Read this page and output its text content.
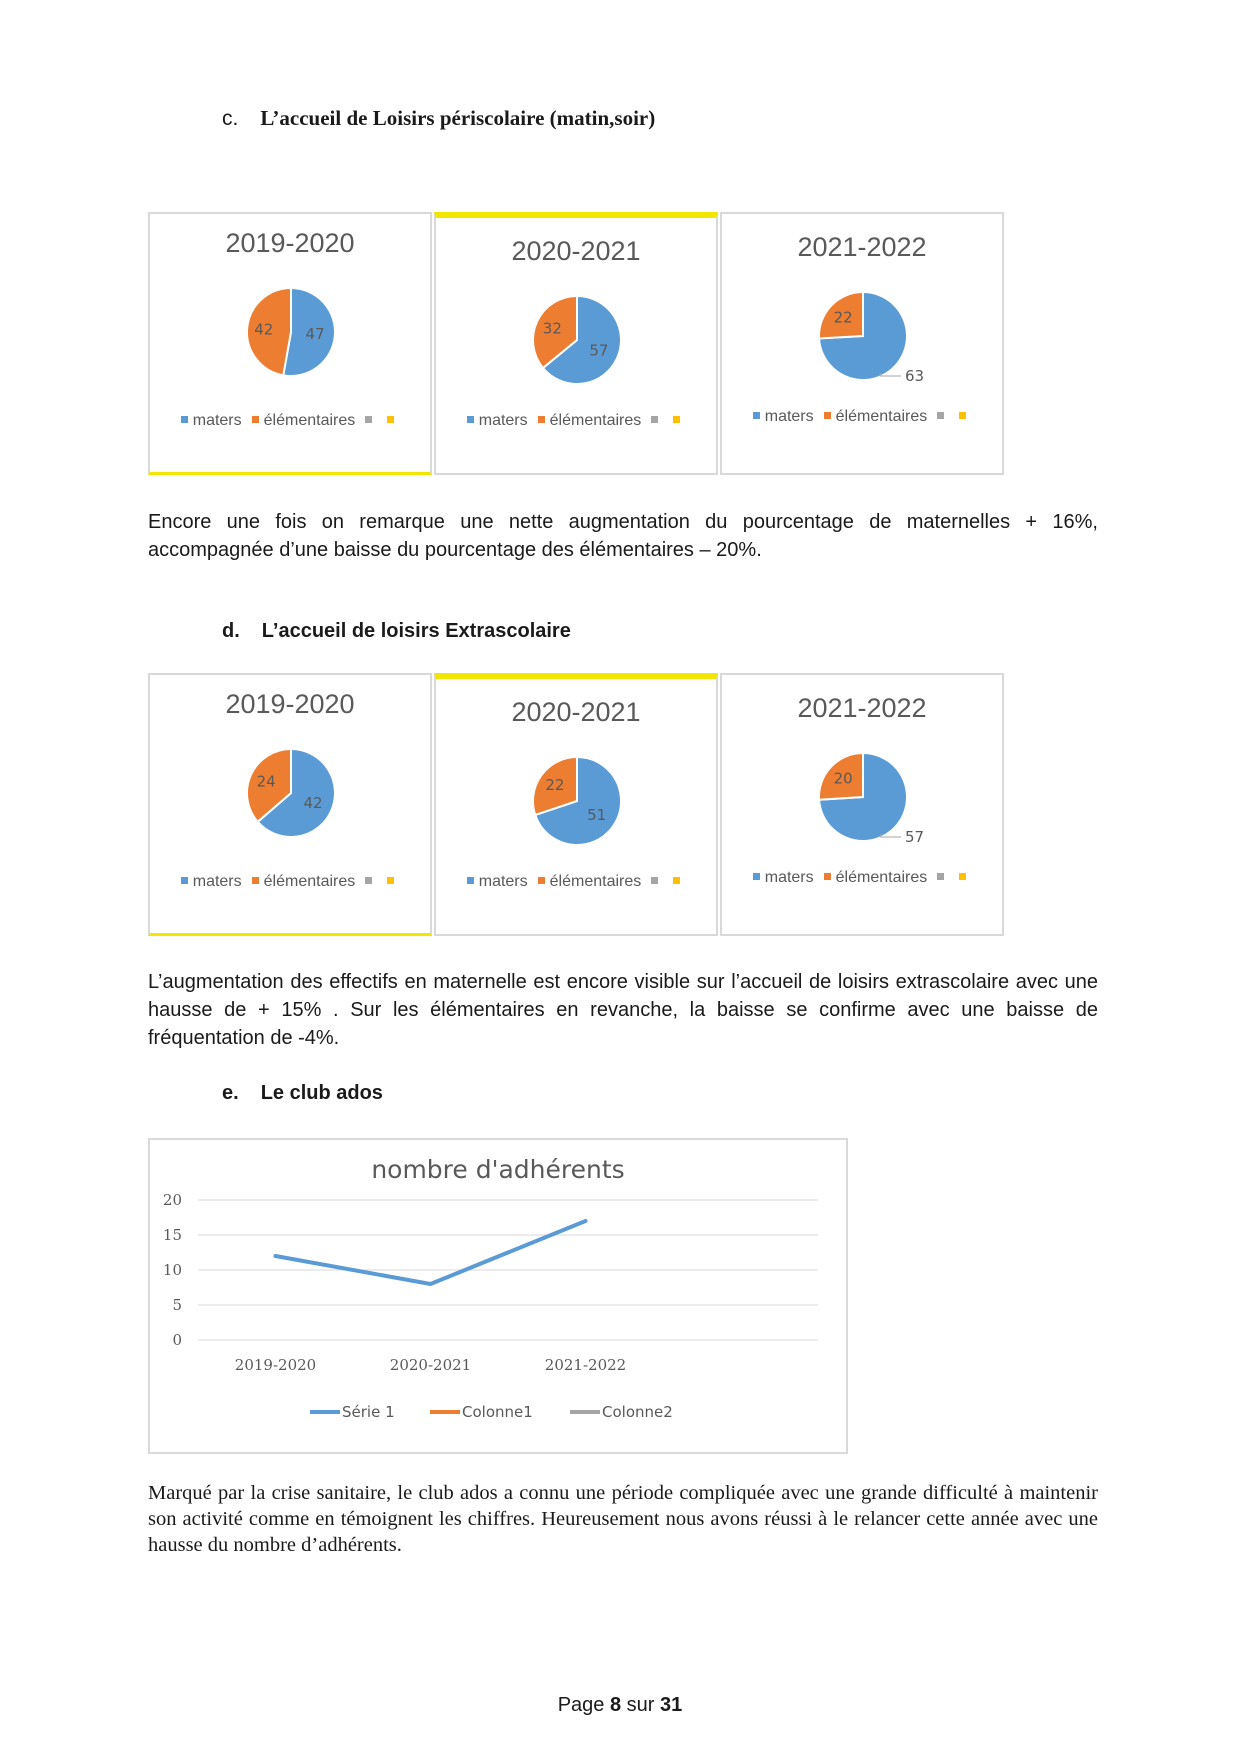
c. L’accueil de Loisirs périscolaire (matin,soir)
2019-2020
42 47
maters élémentaires
2020-2021
32
57
maters élémentaires
2021-2022
22
63
maters élémentaires
Encore une fois on remarque une nette augmentation du pourcentage de maternelles + 16%, accompagnée d’une baisse du pourcentage des élémentaires – 20%.
d. L’accueil de loisirs Extrascolaire
2019-2020
24
42
maters élémentaires
2020-2021
22
51
maters élémentaires
2021-2022
20
57
maters élémentaires
L’augmentation des effectifs en maternelle est encore visible sur l’accueil de loisirs extrascolaire avec une hausse de + 15% . Sur les élémentaires en revanche, la baisse se confirme avec une baisse de fréquentation de -4%.
e. Le club ados
nombre d'adhérents
0
5
10
15
20
2019-2020	2020-2021	2021-2022
Série 1	Colonne1	Colonne2
Marqué par la crise sanitaire, le club ados a connu une période compliquée avec une grande difficulté à maintenir son activité comme en témoignent les chiffres. Heureusement nous avons réussi à le relancer cette année avec une hausse du nombre d’adhérents.
Page 8 sur 31
